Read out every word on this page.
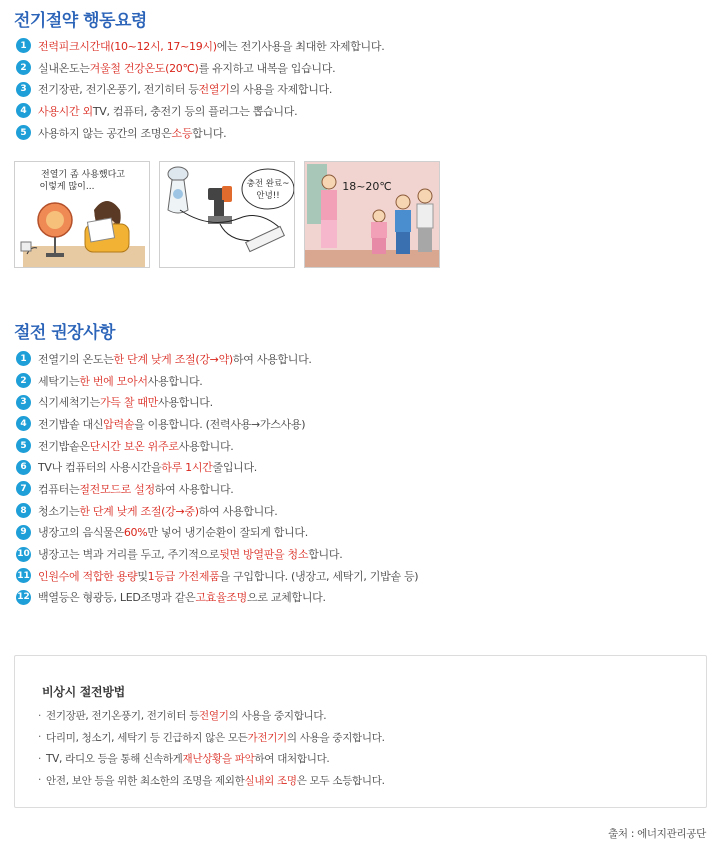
전기절약 행동요령
1	전력피크시간대(10~12시, 17~19시) 에는 전기사용을 최대한 자제합니다.
2	실내온도는 겨울철 건강온도(20℃) 를 유지하고 내복을 입습니다.
3	전기장판, 전기온풍기, 전기히터 등 전열기 의 사용을 자제합니다.
4	사용시간 외 TV, 컴퓨터, 충전기 등의 플러그는 뽑습니다.
5	사용하지 않는 공간의 조명은 소등 합니다.
전열기 좀 사용했다고
이렇게 많이...	충전 완료~
안녕!!
18~20℃
절전 권장사항
1	전열기의 온도는 한 단계 낮게 조절(강→약) 하여 사용합니다.
2	세탁기는 한 번에 모아서 사용합니다.
3	식기세척기는 가득 찰 때만 사용합니다.
4	전기밥솥 대신 압력솥 을 이용합니다. (전력사용→가스사용)
5	전기밥솥은 단시간 보온 위주로 사용합니다.
6	TV나 컴퓨터의 사용시간을 하루 1시간 줄입니다.
7	컴퓨터는 절전모드로 설정 하여 사용합니다.
8	청소기는 한 단계 낮게 조절(강→중) 하여 사용합니다.
9	냉장고의 음식물은 60% 만 넣어 냉기순환이 잘되게 합니다.
10 냉장고는 벽과 거리를 두고, 주기적으로 뒷면 방열판을 청소 합니다.
11 인원수에 적합한 용량 및 1등급 가전제품 을 구입합니다. (냉장고, 세탁기, 기밥솥 등)
12 백열등은 형광등, LED조명과 같은 고효율조명 으로 교체합니다.
비상시 절전방법
· 전기장판, 전기온풍기, 전기히터 등 전열기 의 사용을 중지합니다.
· 다리미, 청소기, 세탁기 등 긴급하지 않은 모든 가전기기 의 사용을 중지합니다.
· TV, 라디오 등을 통해 신속하게 재난상황을 파악 하여 대처합니다.
· 안전, 보안 등을 위한 최소한의 조명을 제외한 실내외 조명 은 모두 소등합니다.
출처 : 에너지관리공단
